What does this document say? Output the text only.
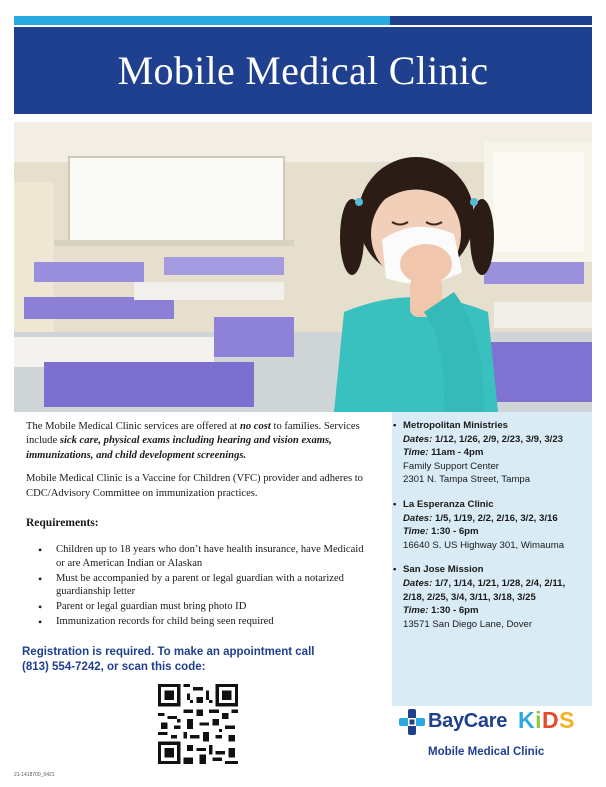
Mobile Medical Clinic

The Mobile Medical Clinic services are offered at no cost to families. Services include sick care, physical exams including hearing and vision exams, immunizations, and child development screenings.

Mobile Medical Clinic is a Vaccine for Children (VFC) provider and adheres to CDC/Advisory Committee on immunization practices.

Requirements:
• Children up to 18 years who don’t have health insurance, have Medicaid or are American Indian or Alaskan
• Must be accompanied by a parent or legal guardian with a notarized guardianship letter
• Parent or legal guardian must bring photo ID
• Immunization records for child being seen required
Registration is required. To make an appointment call
(813) 554-7242, or scan this code:
21-1418700_0421
• Metropolitan Ministries
Dates: 1/12, 1/26, 2/9, 2/23, 3/9, 3/23
Time: 11am - 4pm
Family Support Center
2301 N. Tampa Street, Tampa
• La Esperanza Clinic
Dates: 1/5, 1/19, 2/2, 2/16, 3/2, 3/16
Time: 1:30 - 6pm
16640 S. US Highway 301, Wimauma
• San Jose Mission
Dates: 1/7, 1/14, 1/21, 1/28, 2/4, 2/11, 2/18, 2/25, 3/4, 3/11, 3/18, 3/25
Time: 1:30 - 6pm
13571 San Diego Lane, Dover
BayCare KiDS
Mobile Medical Clinic
